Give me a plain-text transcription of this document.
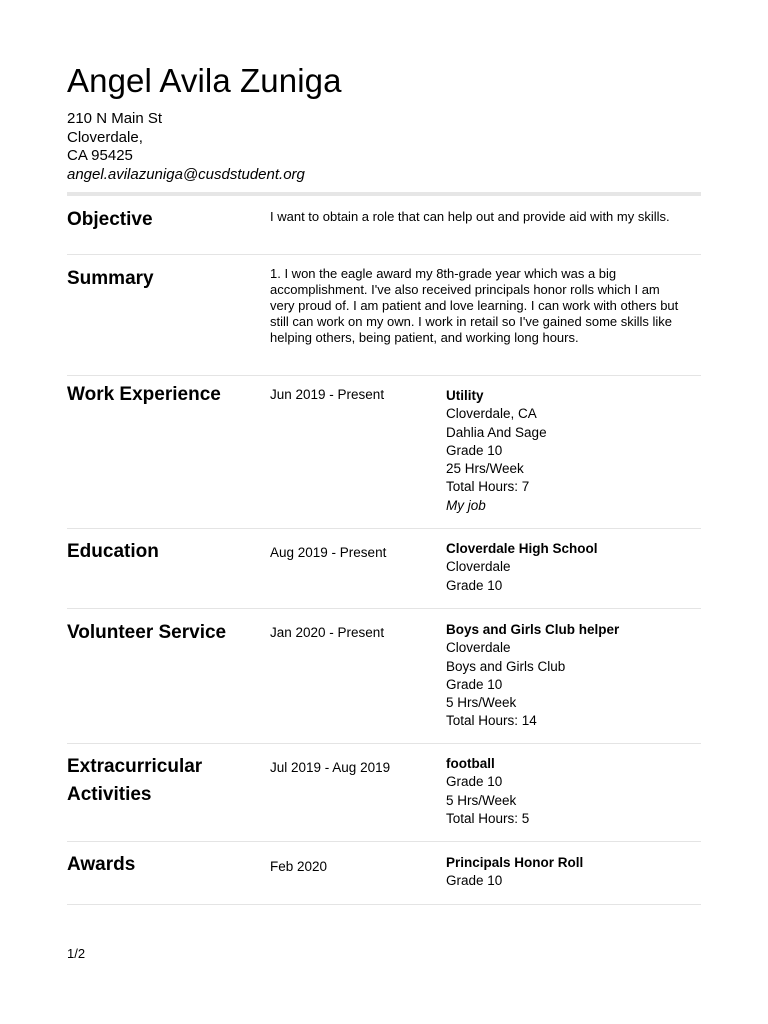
Angel Avila Zuniga
210 N Main St
Cloverdale,
CA 95425
angel.avilazuniga@cusdstudent.org
Objective	I want to obtain a role that can help out and provide aid with my skills.
Summary	1. I won the eagle award my 8th-grade year which was a big accomplishment. I've also received principals honor rolls which I am very proud of. I am patient and love learning. I can work with others but still can work on my own. I work in retail so I've gained some skills like helping others, being patient, and working long hours.
Work Experience	Jun 2019 - Present	Utility
Cloverdale, CA
Dahlia And Sage
Grade 10
25 Hrs/Week
Total Hours: 7
My job
Education	Aug 2019 - Present	Cloverdale High School
Cloverdale
Grade 10
Volunteer Service	Jan 2020 - Present	Boys and Girls Club helper
Cloverdale
Boys and Girls Club
Grade 10
5 Hrs/Week
Total Hours: 14
Extracurricular
Activities
Jul 2019 - Aug 2019	football
Grade 10
5 Hrs/Week
Total Hours: 5
Awards	Feb 2020	Principals Honor Roll
Grade 10
1/2
